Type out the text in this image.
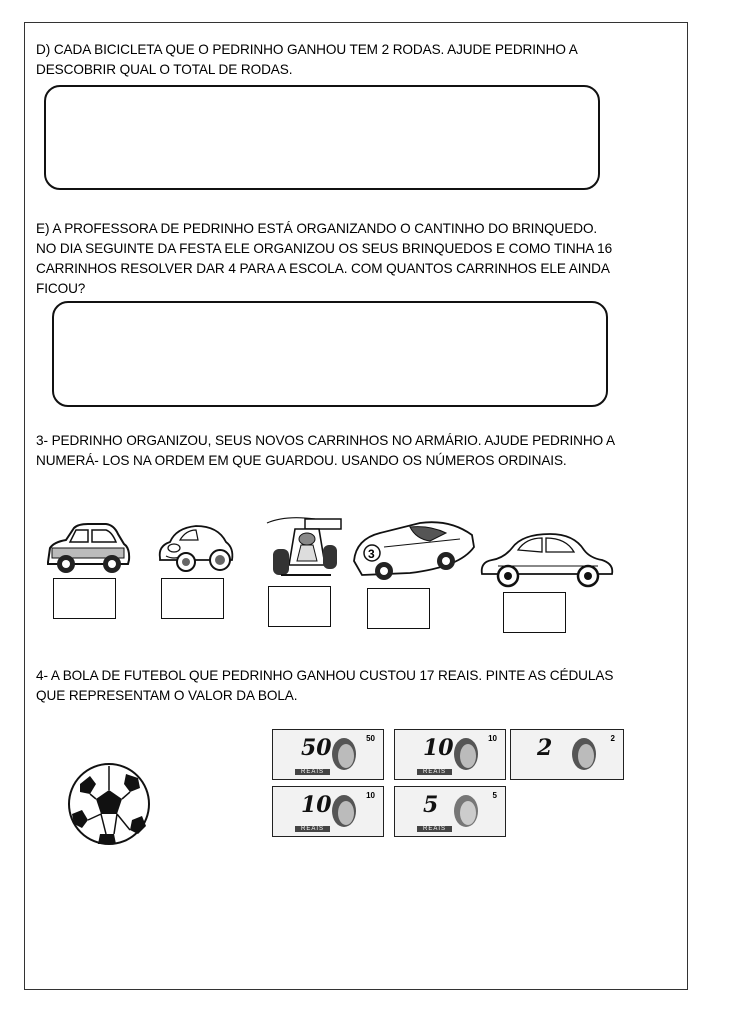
D) CADA BICICLETA QUE O PEDRINHO GANHOU TEM 2 RODAS. AJUDE PEDRINHO A
DESCOBRIR QUAL O TOTAL DE RODAS.
E) A PROFESSORA DE PEDRINHO ESTÁ ORGANIZANDO O CANTINHO DO BRINQUEDO.
NO DIA SEGUINTE DA FESTA ELE ORGANIZOU OS SEUS BRINQUEDOS E COMO TINHA 16
CARRINHOS RESOLVER DAR 4 PARA A ESCOLA. COM QUANTOS CARRINHOS ELE AINDA
FICOU?
3- PEDRINHO ORGANIZOU, SEUS NOVOS CARRINHOS NO ARMÁRIO. AJUDE PEDRINHO A
NUMERÁ- LOS NA ORDEM EM QUE GUARDOU. USANDO OS NÚMEROS ORDINAIS.
3
4- A BOLA DE FUTEBOL QUE PEDRINHO GANHOU CUSTOU 17 REAIS. PINTE AS CÉDULAS
QUE REPRESENTAM O VALOR DA BOLA.
50	50
REAIS
10	10
REAIS
2	2
10	10
REAIS
5	5
REAIS
